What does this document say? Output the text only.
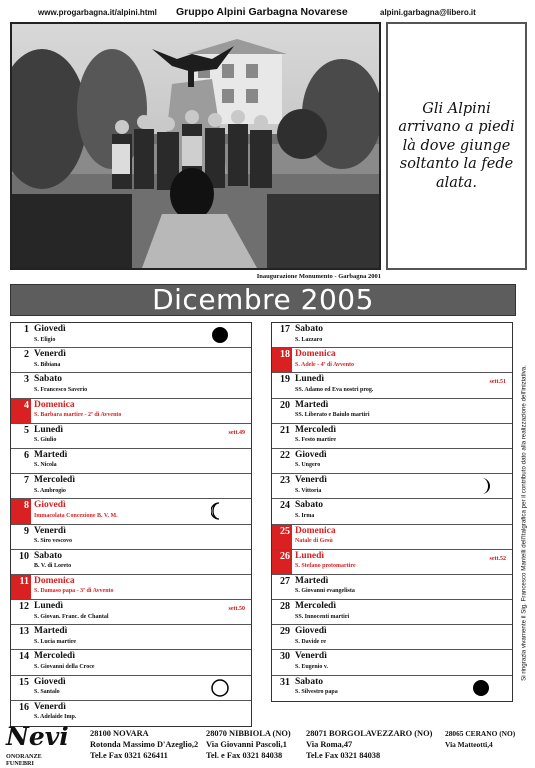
www.progarbagna.it/alpini.html Gruppo Alpini Garbagna Novarese	alpini.garbagna@libero.it
Inaugurazione Monumento - Garbagna 2001
Gli Alpini arrivano a piedi là dove giunge soltanto la fede alata.
Dicembre 2005
1 Giovedì
S. Eligio
2 Venerdì
S. Bibiana
3 Sabato
S. Francesco Saverio
4 Domenica
S. Barbara martire - 2ª di Avvento
5 Lunedì
S. Giulio
sett.49
6 Martedì
S. Nicola
7 Mercoledì
S. Ambrogio
8 Giovedì
Immacolata Concezione B. V. M.
9 Venerdì
S. Siro vescovo
10 Sabato
B. V. di Loreto
11 Domenica
S. Damaso papa - 3ª di Avvento
12 Lunedì
S. Giovan. Franc. de Chantal
sett.50
13 Martedì
S. Lucia martire
14 Mercoledì
S. Giovanni della Croce
15 Giovedì
S. Santalo
16 Venerdì
S. Adelaide Imp.
17 Sabato
S. Lazzaro
18 Domenica
S. Adele - 4ª di Avvento
19 Lunedì
SS. Adamo ed Eva nostri prog.
sett.51
20 Martedì
SS. Liberato e Baiulo martiri
21 Mercoledì
S. Festo martire
22 Giovedì
S. Ungero
23 Venerdì
S. Vittoria
24 Sabato
S. Irma
25 Domenica
Natale di Gesù
26 Lunedì
S. Stefano protomartire
sett.52
27 Martedì
S. Giovanni evangelista
28 Mercoledì
SS. Innocenti martiri
29 Giovedì
S. Davide re
30 Venerdì
S. Eugenio v.
31 Sabato
S. Silvestro papa
Si ringrazia vivamente il Sig. Francesco Mantelli dell'Italgrafica per il contributo dato alla realizzazione dell'iniziativa.
Nevi
ONORANZE
FUNEBRI
28100 NOVARA
Rotonda Massimo D'Azeglio,2
Tel.e Fax 0321 626411
28070 NIBBIOLA (NO)
Via Giovanni Pascoli,1
Tel. e Fax 0321 84038
28071 BORGOLAVEZZARO (NO)
Via Roma,47
Tel.e Fax 0321 84038
28065 CERANO (NO)
Via Matteotti,4
